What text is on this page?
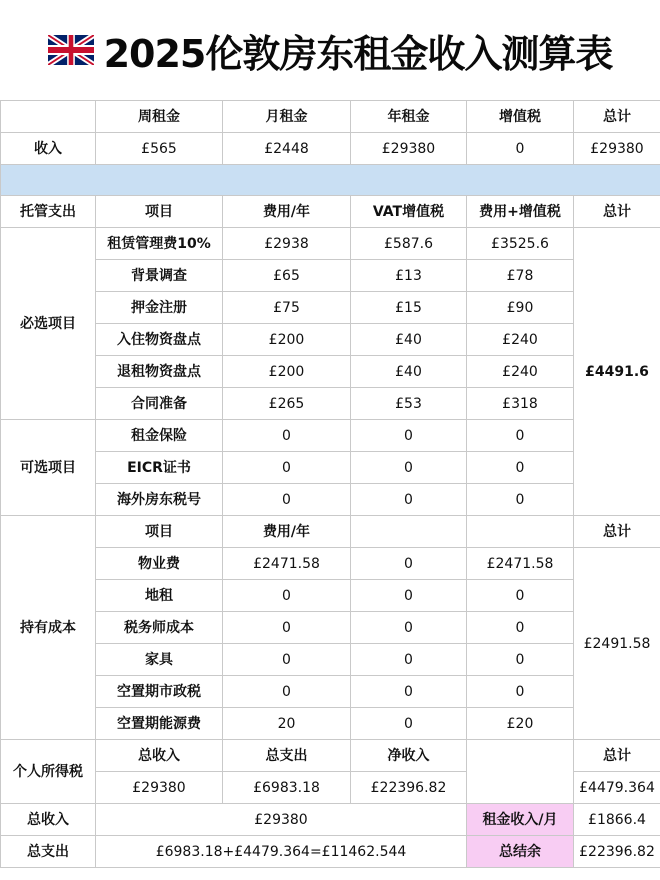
2025伦敦房东租金收入测算表
	周租金	月租金	年租金	增值税	总计
收入	£565	£2448	£29380	0	£29380

托管支出	项目	费用/年	VAT增值税	费用+增值税	总计
必选项目	租赁管理费10%	£2938	£587.6	£3525.6	£4491.6
	背景调查	£65	£13	£78	
	押金注册	£75	£15	£90	
	入住物资盘点	£200	£40	£240	
	退租物资盘点	£200	£40	£240	
	合同准备	£265	£53	£318	
可选项目	租金保险	0	0	0	
	EICR证书	0	0	0	
	海外房东税号	0	0	0	
持有成本	项目	费用/年			总计
	物业费	£2471.58	0	£2471.58	£2491.58
	地租	0	0	0	
	税务师成本	0	0	0	
	家具	0	0	0	
	空置期市政税	0	0	0	
	空置期能源费	20	0	£20	
个人所得税	总收入	总支出	净收入		总计
	£29380	£6983.18	£22396.82		£4479.364
总收入	£29380			租金收入/月	£1866.4
总支出	£6983.18+£4479.364=£11462.544			总结余	£22396.82
